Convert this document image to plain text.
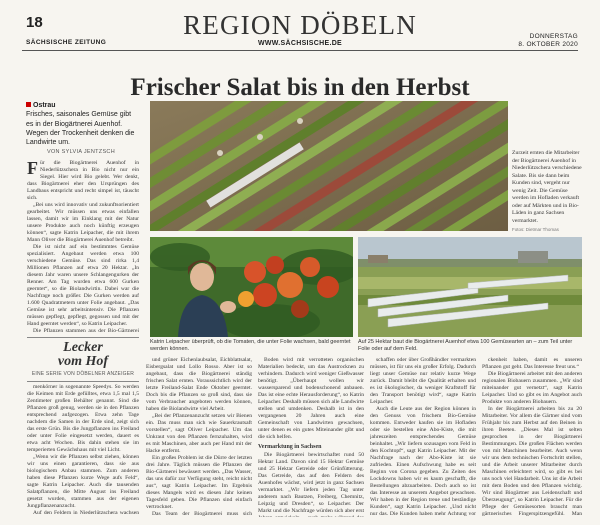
18
SÄCHSISCHE ZEITUNG
REGION DÖBELN
WWW.SÄCHSISCHE.DE
DONNERSTAG
8. OKTOBER 2020
Frischer Salat bis in den Herbst
Ostrau
Frisches, saisonales Gemüse gibt es in der Biogärtnerei Auenhof. Wegen der Trockenheit denken die Landwirte um.
VON SYLVIA JENTZSCH	Zurzeit ernten die Mitarbeiter der Biogärtnerei Auenhof in Niederlützschera verschiedene Salate. Bis sie dann beim Kunden sind, vergeht nur wenig Zeit. Die Gemüse werden im Hofladen verkauft oder auf Märkten und in Bio-Läden in ganz Sachsen vermarktet.
Fotos: Dietmar Thomas

Für die Biogärtnerei Auenhof in Niederlützschera in Bio nicht nur ein Siegel. Hier wird Bio gelebt. Wer denkt, dass Biogärtnerei eher den Ursprüngen des Landbaus entspricht und recht simpel ist, täuscht sich.

„Bei uns wird innovativ und zukunftsorientiert gearbeitet. Wir müssen uns etwas einfallen lassen, damit wir im Einklang mit der Natur unsere Produkte auch noch künftig erzeugen können“, sagte Katrin Leipacher, die mit ihrem Mann Oliver die Biogärtnerei Auenhof betreibt.

Die ist nicht auf ein bestimmtes Gemüse spezialisiert. Angebaut werden etwa 100 verschiedene Gemüse. Das sind rirka 1,4 Millionen Pflanzen auf etwa 20 Hektar. „In diesem Jahr waren unsere Schlangengurken der Renner. Am Tag wurden etwa 600 Gurken geerntet“, so die Biolandwirtin. Dabei war die Nachfrage noch größer. Die Gurken werden auf 1.600 Quadratmetern unter Folie angebaut. „Das Gemüse ist sehr arbeitsintensiv. Die Pflanzen müssen gepflegt, gepflegt, gegossen und mit der Hand geerntet werden“, so Katrin Leipacher.

Die Pflanzen stammen aus der Bio-Gärtnerei

Lecker
vom Hof
EINE SERIE VON DÖBELNER ANZEIGER

menkörner in sogenannte Speedys. So werden die Keimen mit Erde gefülltes, etwa 1,5 mal 1,5 Zentimeter großen Behälter genannt. Sind die Pflanzen groß genug, werden sie in den Pflanzen entsprechend aufgezogen. Etwa zehn Tage nachdem die Samen in der Erde sind, zeigt sich das erste Grün. Bis die Jungpflanzen ins Freiland oder unter Folie eingesetzt werden, dauert es etwa acht Wochen. Bis dahin stehen sie im temperierten Gewächshaus mit viel Licht.

„Wenn wir die Pflanzen selbst ziehen, können wir uns einen garantieren, dass sie aus biologischem Anbau stammen. Zum anderen haben diese Pflanzen kurze Wege aufs Feld“, sagte Katrin Leipacher. Auch die tausenden Salatpflanzen, die Mitte August ins Freiland gesetzt wurden, stammen aus der eigenen Jungpflanzenanzucht.

Auf den Feldern in Niederlützschera wachsen

Katrin Leipacher überprüft, ob die Tomaten, die unter Folie wachsen, bald geerntet werden können.
Auf 25 Hektar baut die Biogärtnerei Auenhof etwa 100 Gemüsearten an – zum Teil unter Folie oder auf dem Feld.

und grüner Eichenlaubsalat, Eichblattsalat, Eisbergsalat und Lollo Rosso. Aber ist so angebaut, dass die Biogärtnerei ständig frischen Salat ernten. Voraussichtlich wird der letzte Freiland-Salat Ende Oktober geerntet. Doch bis die Pflanzen so groß sind, dass sie vom Verbraucher angeboten werden können, haben die Biolandwirte viel Arbeit.

„Bei der Pflanzenanzucht setzen wir Bienen ein. Das muss man sich wie Sauerkrautsaft vorstellen“, sagt Oliver Leipacher. Um das Unkraut von den Pflanzen fernzuhalten, wird es mit Maschinen, aber auch per Hand mit der Hacke entfernt.

Ein großes Problem ist die Dürre der letzten drei Jahre. Täglich müssen die Pflanzen der Bio-Gärtnerei bewässert werden. „Das Wasser, das uns dafür zur Verfügung steht, reicht nicht aus“, sagt Katrin Leipacher. Im Ergebnis dieses Mangels wird es diesen Jahr keinen Tagesfeld geben. Die Pflanzen sind einfach vertrocknet.

Das Team der Biogärtnerei muss sich

Boden wird mit verrotteten organischen Materialien bedeckt, um das Austrocknen zu verhindern. Dadurch wird weniger Gießwasser benötigt. „Überhaupt wollen wir wassersparend und bodenschonend anbauen. Das ist eine echte Herausforderung“, so Katrin Leipacher. Deshalb müssen sich alle Landwirte stellen und umdenken. Deshalb ist in den vergangenen 20 Jahren auch eine Gemeinschaft von Landwirten gewachsen, unter denen es ein gutes Miteinander gibt und die sich helfen.

Vermarktung in Sachsen

Die Biogärtnerei bewirtschaftet rund 50 Hektar Land. Davon sind 15 Hektar Gemüse und 25 Hektar Getreide oder Grünfütterung. Das Getreide, das auf den Feldern des Auenhofes wächst, wird jetzt in ganz Sachsen vermarktet. „Wir liefern jeden Tag unter anderem nach Bautzen, Freiberg, Chemnitz, Leipzig und Dresden“, so Leipacher. Der Markt und die Nachfrage würden sich aber erst

schaffen oder über Großhändler vermarkten müssen, ist für uns ein großer Erfolg. Dadurch liegt unser Gemüse nur relativ kurze Wege zurück. Damit bleibt die Qualität erhalten und es ist ökologischer, da weniger Kraftstoff für den Transport benötigt wird“, sagte Katrin Leipacher.

Auch die Leute aus der Region können in den Genuss von frischem Bio-Gemüse kommen. Entweder kaufen sie im Hofladen oder sie bestellen eine Abo-Kiste, die mit jahreszeiten entsprechendes Gemüse beinhaltet. „Wir liefern sozusagen vom Feld in den Kochtopf“, sagt Katrin Leipacher. Mit der Nachfrage nach der Abo-Kiste ist sie zufrieden. Einen Aufschwung habe es seit Beginn von Corona gegeben. Zu Zeiten des Lockdowns haben wir es kaum geschafft, die Bestellungen abzuarbeiten. Doch auch so ist das Interesse an unserem Angebot gewachsen. Wir haben in der Region treue und beständige Kunden“, sagt Katrin Leipacher. „Und nicht nur das. Die Kunden haben mehr Achtung vor

ckenheit haben, damit es unseren Pflanzen gut geht. Das Interesse freut uns.“

Die Biogärtnerei arbeitet mit den anderen regionalen Biobauern zusammen. „Wir sind miteinander gut vernetzt“, sagt Katrin Leipacher. Und so gibt es im Angebot auch Produkte von anderen Biobauern.

In der Biogärtnerei arbeiten bis zu 20 Mitarbeiter. Vor allem die Gärtner sind vom Frühjahr bis zum Herbst auf den Beinen in ihren Beeten. „Dieses Mal ist selten gesprochen in der Biogärtnerei Bestimmungen. Die großen Flächen werden von mit Maschinen bearbeitet. Auch wenn wir uns dem technischen Fortschritt stellen, und die Arbeit unserer Mitarbeiter durch Maschinen erleichtert wird, so gibt es bei uns noch viel Handarbeit. Uns ist die Arbeit mit dem Boden und den Pflanzen wichtig. Wir sind Biogärtner aus Leidenschaft und Überzeugung“, so Katrin Leipacher. Für die Pflege der Gemüsesorten braucht man gärtnerisches Fingerspitzengefühl. Man
